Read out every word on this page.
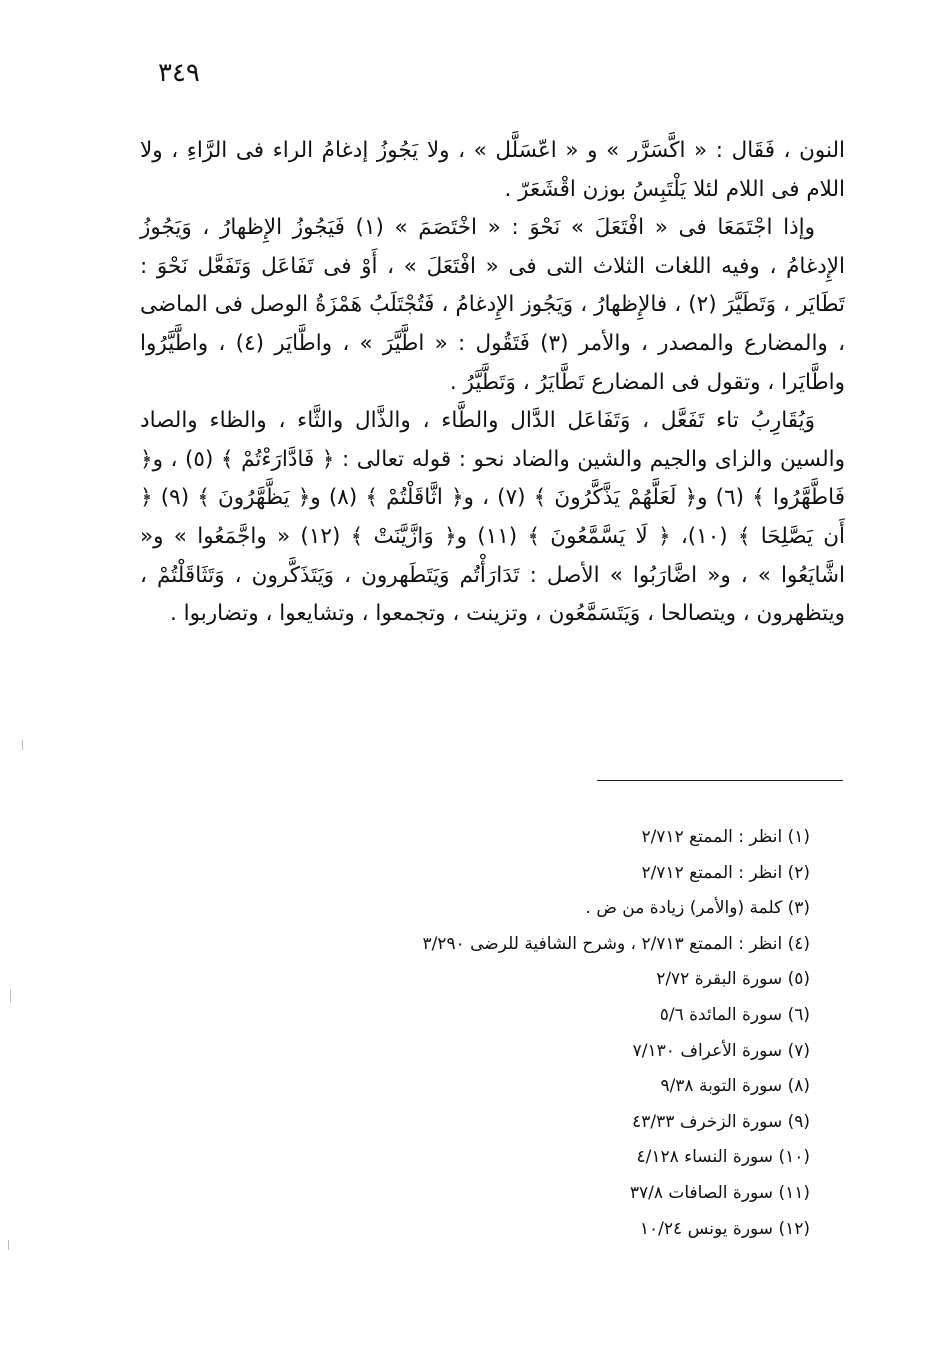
٣٤٩

النون ، فَقَال : « اكَّسَرَّر » و « اعّسَلَّل » ، ولا يَجُوزُ إدغامُ الراء فى الرَّاءِ ، ولا اللام فى اللام لئلا يَلْتَبِسُ بوزن اقْشَعَرّ .

وإذا اجْتَمَعَا فى « افْتَعَلَ » نَحْوَ : « اخْتَصَمَ » (١) فَيَجُوزُ الإِظهارُ ، وَيَجُوزُ الإِدغامُ ، وفيه اللغات الثلاث التى فى « افْتَعَلَ » ، أَوْ فى تَفَاعَل وَتَفَعَّل نَحْوَ : تَطَايَر ، وَتَطَيَّرَ (٢) ، فالإِظهارُ ، وَيَجُوز الإِدغامُ ، فَتُجْتَلَبُ هَمْزَةُ الوصل فى الماضى ، والمضارع والمصدر ، والأمر (٣) فَتَقُول : « اطَّيَّرَ » ، واطَّايَر (٤) ، واطَّيَّرُوا واطَّايَرا ، وتقول فى المضارع تَطَّايَرُ ، وَتَطَّيَّرُ .

وَيُقَارِبُ تاء تَفَعَّل ، وَتَفَاعَل الدَّال والطَّاء ، والذَّال والثَّاء ، والظاء والصاد والسين والزاى والجيم والشين والضاد نحو : قوله تعالى : ﴿ فَادَّارَءْتُمْ ﴾ (٥) ، و﴿ فَاطَّهَّرُوا ﴾ (٦) و﴿ لَعَلَّهُمْ يَذَّكَّرُونَ ﴾ (٧) ، و﴿ اثَّاقَلْتُمْ ﴾ (٨) و﴿ يَظَّهَّرُونَ ﴾ (٩) ﴿ أَن يَصَّلِحَا ﴾ (١٠)، ﴿ لَا يَسَّمَّعُونَ ﴾ (١١) و﴿ وَازَّيَّنَتْ ﴾ (١٢) « واجَّمَعُوا » و« اشَّايَعُوا » ، و« اضَّارَبُوا » الأصل : تَدَارَأْتُم وَيَتَطَهرون ، وَيَتَذَكَّرون ، وَتَثَاقَلْتُمْ ، ويتظهرون ، ويتصالحا ، وَيَتَسَمَّعُون ، وتزينت ، وتجمعوا ، وتشايعوا ، وتضاربوا .

(١) انظر : الممتع ٢/٧١٢
(٢) انظر : الممتع ٢/٧١٢
(٣) كلمة (والأمر) زيادة من ض .
(٤) انظر : الممتع ٢/٧١٣ ، وشرح الشافية للرضى ٣/٢٩٠
(٥) سورة البقرة ٢/٧٢
(٦) سورة المائدة ٥/٦
(٧) سورة الأعراف ٧/١٣٠
(٨) سورة التوبة ٩/٣٨
(٩) سورة الزخرف ٤٣/٣٣
(١٠) سورة النساء ٤/١٢٨
(١١) سورة الصافات ٣٧/٨
(١٢) سورة يونس ١٠/٢٤
